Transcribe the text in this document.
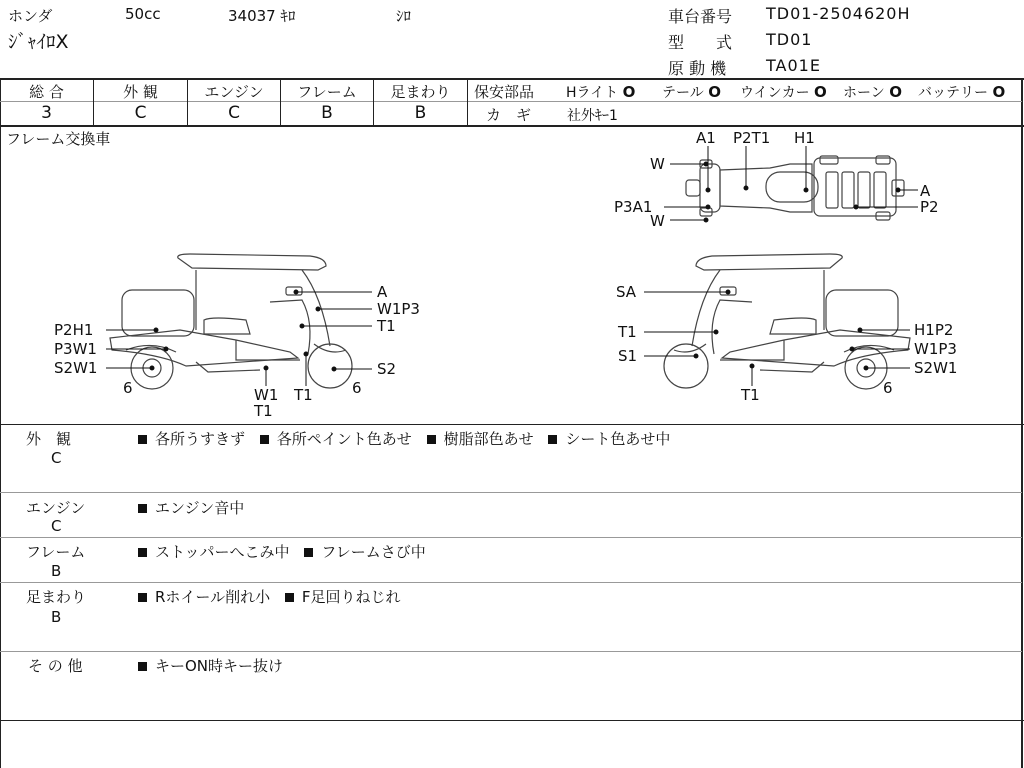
ホンダ	50cc	34037 ｷﾛ	ｼﾛ
ｼﾞｬｲﾛX
車台番号 TD01-2504620H
型　　式 TD01
原 動 機 TA01E
総 合	外 観	エンジン	フレーム	足まわり
3	C	C	B	B
保安部品 Hライト O テール O ウインカー O ホーン O バッテリー O
カ　ギ	社外ｷｰ1
フレーム交換車
W
P3A1
W
A1 P2T1 H1
A
P2
A
W1P3
T1
S2
6
W1
T1
T1
6
P2H1
P3W1
S2W1
SA
T1
S1
T1	6
H1P2
W1P3
S2W1
外　観
C
各所うすきず 各所ペイント色あせ 樹脂部色あせ シート色あせ中
エンジン
C
エンジン音中
フレーム
B
ストッパーへこみ中 フレームさび中
足まわり
B
Rホイール削れ小 F足回りねじれ
そ の 他	キーON時キー抜け
